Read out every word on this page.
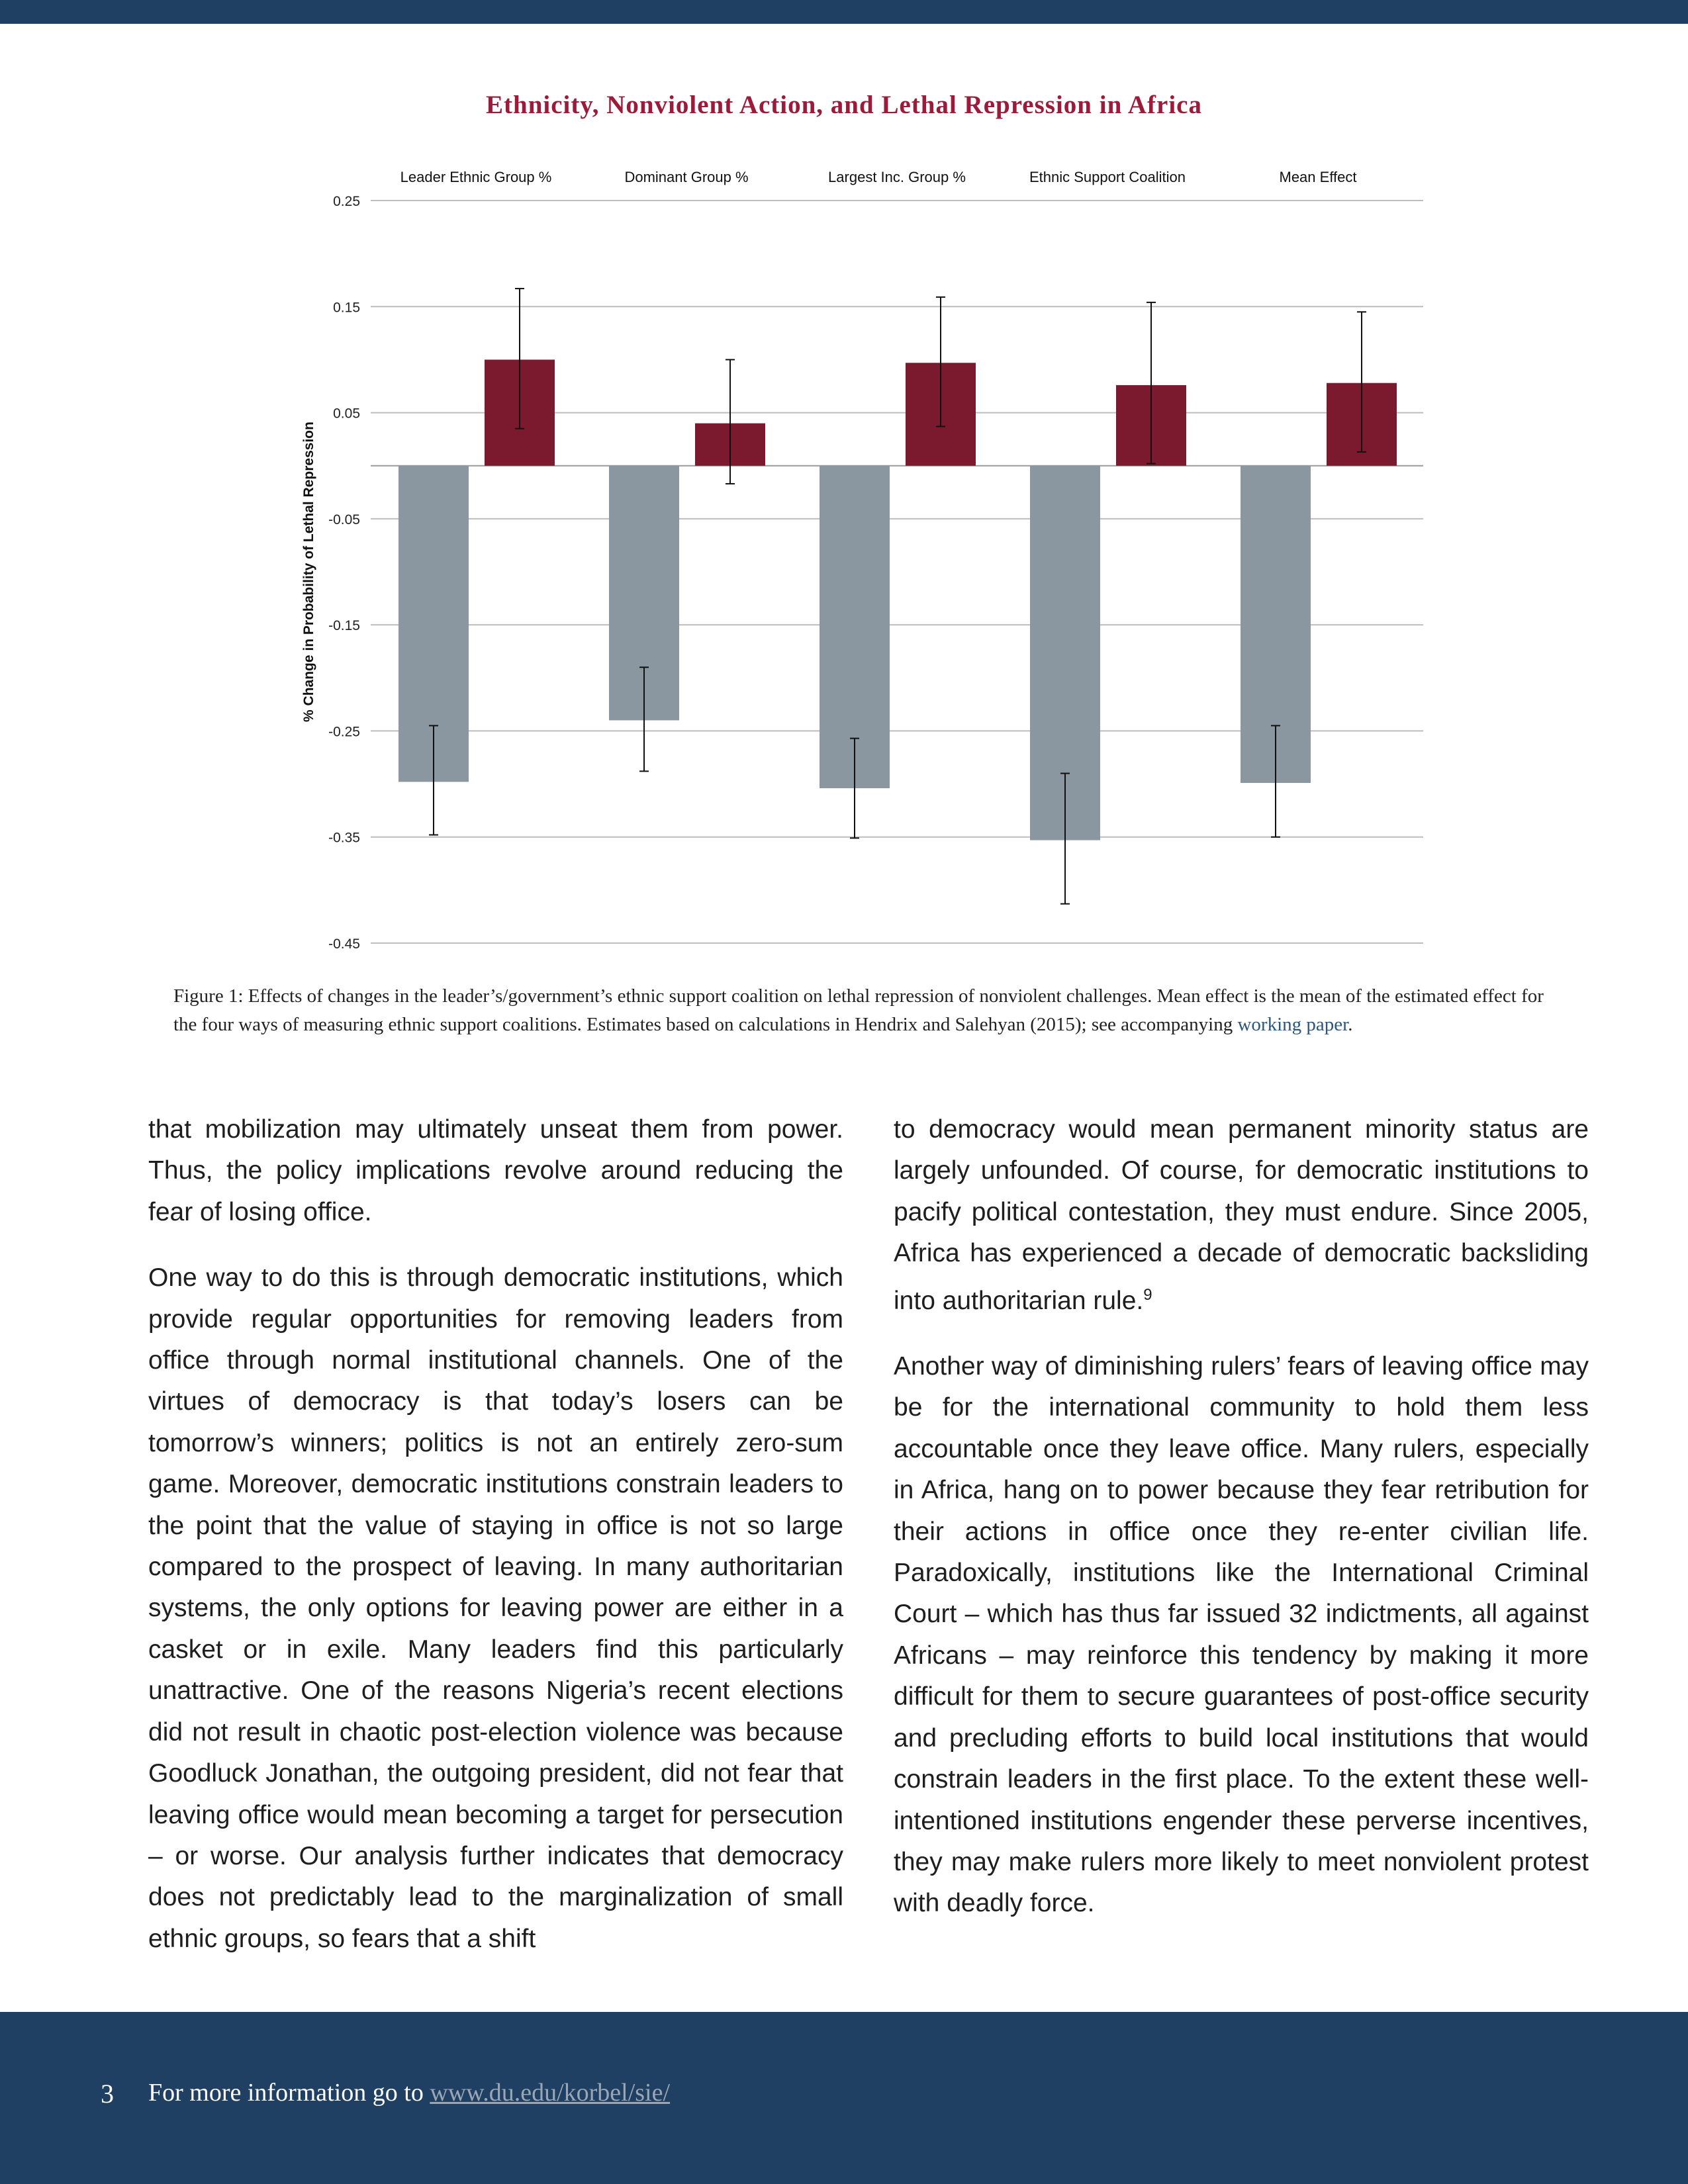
Ethnicity, Nonviolent Action, and Lethal Repression in Africa
0.25
0.15
0.05
-0.05
-0.15
-0.25
-0.35
-0.45
% Change in Probability of Lethal Repression
Leader Ethnic Group %	Dominant Group %	Largest Inc. Group %	Ethnic Support Coalition	Mean Effect
Figure 1: Effects of changes in the leader’s/government’s ethnic support coalition on lethal repression of nonviolent challenges. Mean effect is the mean of the estimated effect for the four ways of measuring ethnic support coalitions. Estimates based on calculations in Hendrix and Salehyan (2015); see accompanying working paper.

that mobilization may ultimately unseat them from power. Thus, the policy implications revolve around reducing the fear of losing office.

One way to do this is through democratic institutions, which provide regular opportunities for removing leaders from office through normal institutional channels. One of the virtues of democracy is that today’s losers can be tomorrow’s winners; politics is not an entirely zero-sum game. Moreover, democratic institutions constrain leaders to the point that the value of staying in office is not so large compared to the prospect of leaving. In many authoritarian systems, the only options for leaving power are either in a casket or in exile. Many leaders find this particularly unattractive. One of the reasons Nigeria’s recent elections did not result in chaotic post-election violence was because Goodluck Jonathan, the outgoing president, did not fear that leaving office would mean becoming a target for persecution – or worse. Our analysis further indicates that democracy does not predictably lead to the marginalization of small ethnic groups, so fears that a shift

to democracy would mean permanent minority status are largely unfounded. Of course, for democratic institutions to pacify political contestation, they must endure. Since 2005, Africa has experienced a decade of democratic backsliding into authoritarian rule.$^9$

Another way of diminishing rulers’ fears of leaving office may be for the international community to hold them less accountable once they leave office. Many rulers, especially in Africa, hang on to power because they fear retribution for their actions in office once they re-enter civilian life. Paradoxically, institutions like the International Criminal Court – which has thus far issued 32 indictments, all against Africans – may reinforce this tendency by making it more difficult for them to secure guarantees of post-office security and precluding efforts to build local institutions that would constrain leaders in the first place. To the extent these well-intentioned institutions engender these perverse incentives, they may make rulers more likely to meet nonviolent protest with deadly force.

3 For more information go to www.du.edu/korbel/sie/
